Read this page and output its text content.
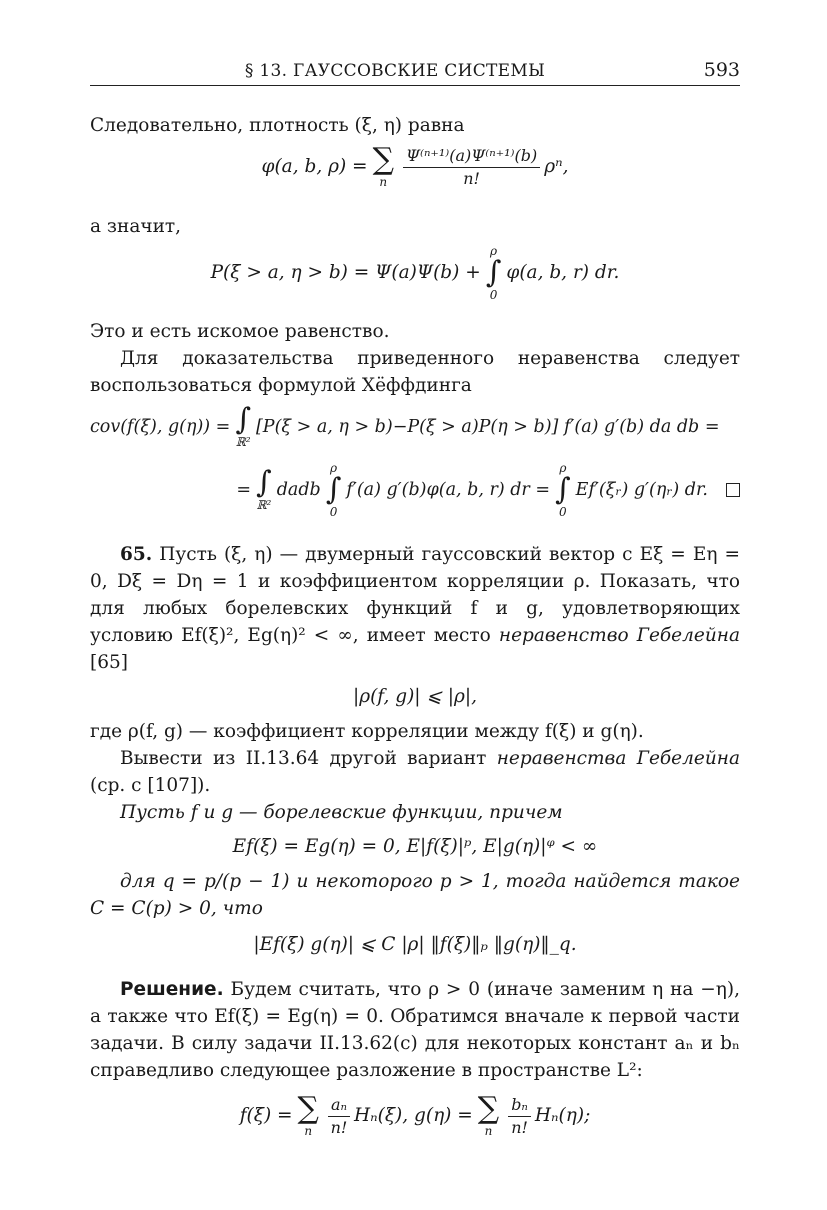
§ 13. ГАУССОВСКИЕ СИСТЕМЫ	593

Следовательно, плотность (ξ, η) равна

φ(a, b, ρ) = ∑
n $\frac{\text{Ψ⁽ⁿ⁺¹⁾(a)Ψ⁽ⁿ⁺¹⁾(b)}}{n!} \rho^n$,

а значит,

P(ξ > a, η > b) = Ψ(a)Ψ(b) +
ρ
∫
0
φ(a, b, r) dr.

Это и есть искомое равенство.

Для доказательства приведенного неравенства следует воспользоваться формулой Хёффдинга

cov(f(ξ), g(η)) = ∫
ℝ²
[P(ξ > a, η > b)−P(ξ > a)P(η > b)] f′(a) g′(b) da db =
= ∫
ℝ²
dadb
ρ
∫
0
f′(a) g′(b)φ(a, b, r) dr =
ρ
∫
0
Ef′(ξᵣ) g′(ηᵣ) dr.

65. Пусть (ξ, η) — двумерный гауссовский вектор с Eξ = Eη = 0, Dξ = Dη = 1 и коэффициентом корреляции ρ. Показать, что для любых борелевских функций f и g, удовлетворяющих условию Ef(ξ)², Eg(η)² < ∞, имеет место неравенство Гебелейна [65]

|ρ(f, g)| ⩽ |ρ|,

где ρ(f, g) — коэффициент корреляции между f(ξ) и g(η).

Вывести из II.13.64 другой вариант неравенства Гебелейна (ср. с [107]).

Пусть f и g — борелевские функции, причем

Ef(ξ) = Eg(η) = 0, E|f(ξ)|ᵖ, E|g(η)|ᵠ < ∞

для q = p/(p − 1) и некоторого p > 1, тогда найдется такое C = C(p) > 0, что

|Ef(ξ) g(η)| ⩽ C |ρ| ‖f(ξ)‖ₚ ‖g(η)‖_q.

Решение. Будем считать, что ρ > 0 (иначе заменим η на −η), а также что Ef(ξ) = Eg(η) = 0. Обратимся вначале к первой части задачи. В силу задачи II.13.62(c) для некоторых констант aₙ и bₙ справедливо следующее разложение в пространстве L²:

f(ξ) = ∑
n $\frac{\text{aₙ}}{n!} H_n(\xi)$, g(η) = ∑
n $\frac{\text{bₙ}}{n!} H_n(\eta)$;
